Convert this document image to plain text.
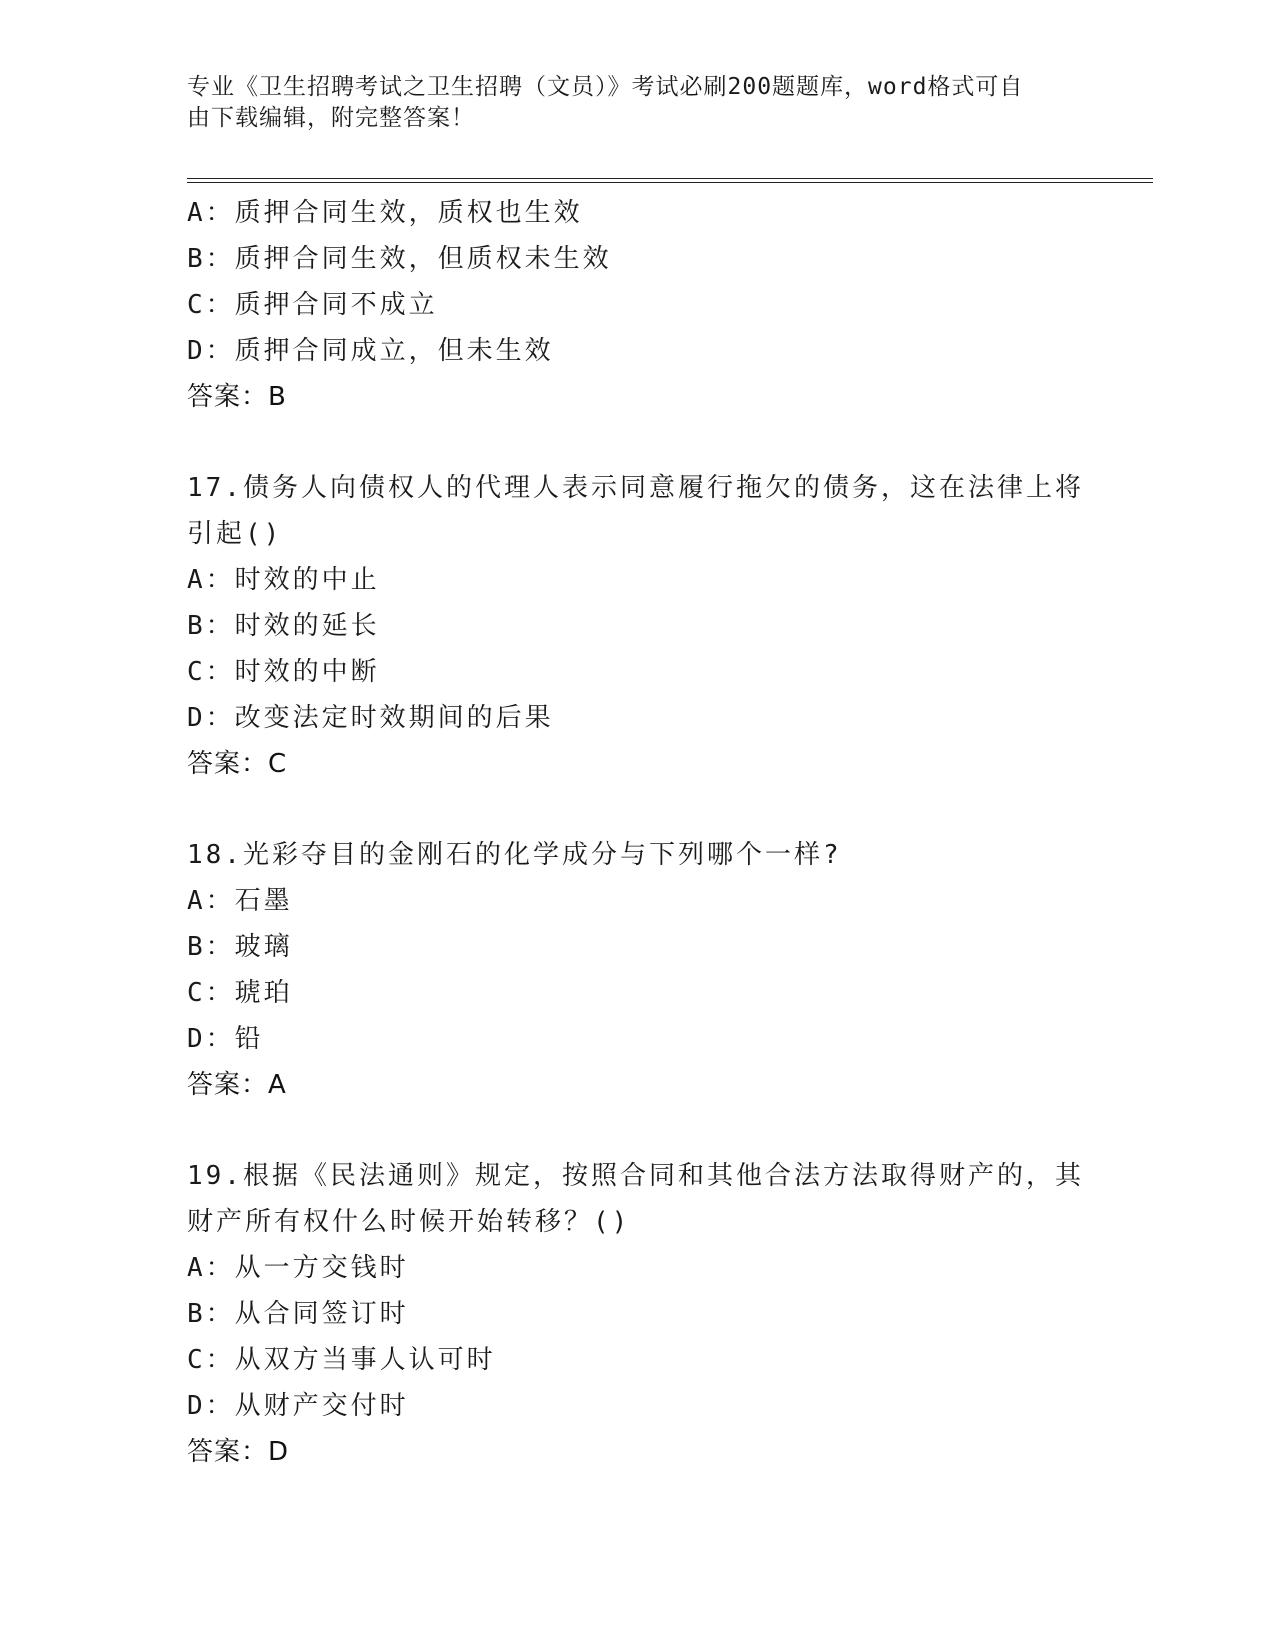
专业《卫生招聘考试之卫生招聘（文员）》考试必刷200题题库，word格式可自
由下载编辑，附完整答案！
A：质押合同生效，质权也生效
B：质押合同生效，但质权未生效
C：质押合同不成立
D：质押合同成立，但未生效
答案：B
17.债务人向债权人的代理人表示同意履行拖欠的债务，这在法律上将
引起()
A：时效的中止
B：时效的延长
C：时效的中断
D：改变法定时效期间的后果
答案：C
18.光彩夺目的金刚石的化学成分与下列哪个一样?
A：石墨
B：玻璃
C：琥珀
D：铅
答案：A
19.根据《民法通则》规定，按照合同和其他合法方法取得财产的，其
财产所有权什么时候开始转移？()
A：从一方交钱时
B：从合同签订时
C：从双方当事人认可时
D：从财产交付时
答案：D
